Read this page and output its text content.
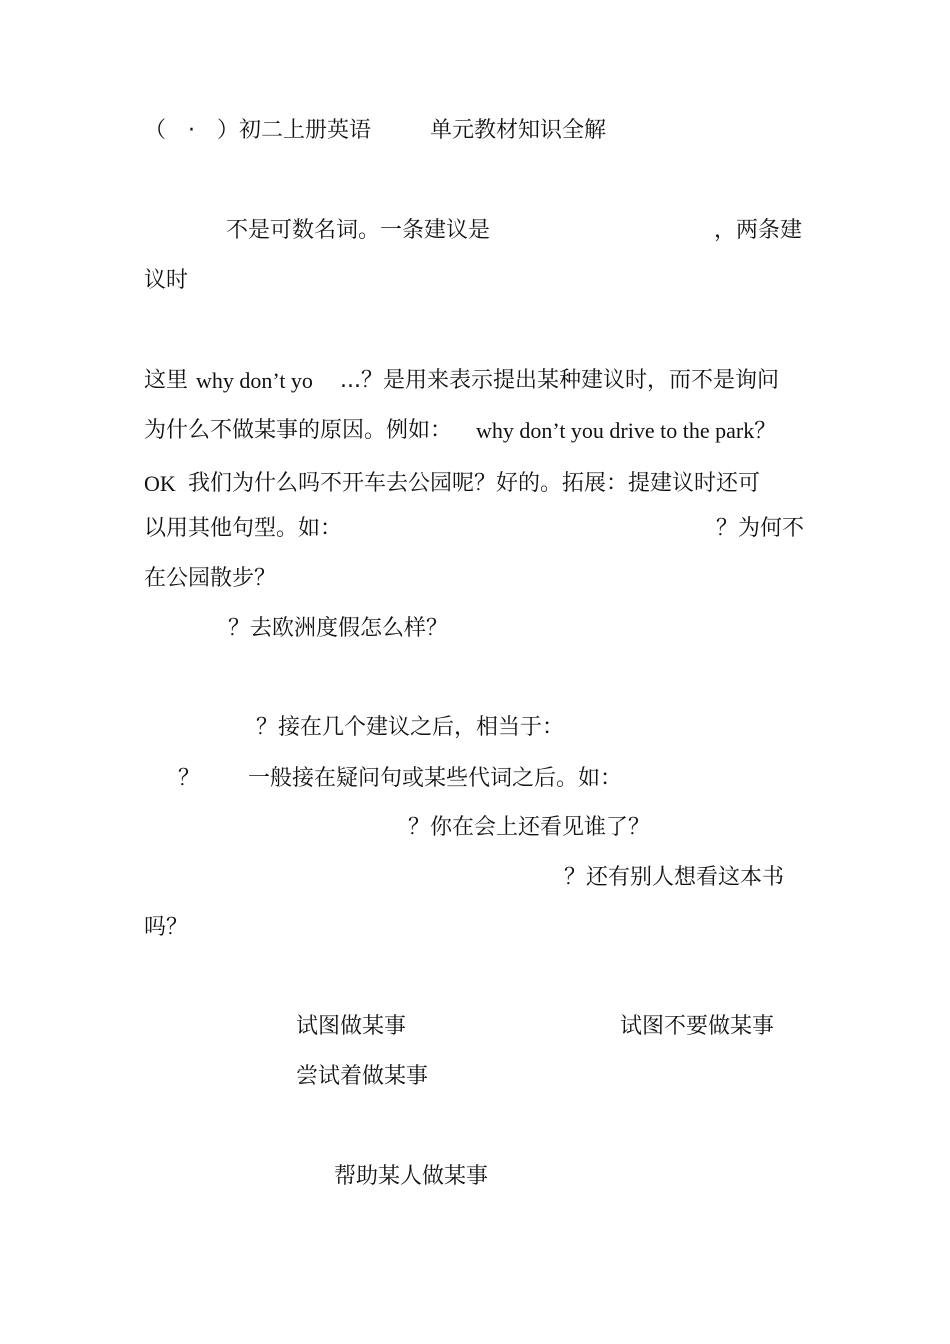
（　·　）初二上册英语	单元教材知识全解
不是可数名词。一条建议是	，两条建
议时
这里 why don’t yo ...？是用来表示提出某种建议时，而不是询问
为什么不做某事的原因。例如： why don’t you drive to the park？
OK 我们为什么吗不开车去公园呢？好的。拓展：提建议时还可
以用其他句型。如：	？为何不
在公园散步？
？去欧洲度假怎么样？
？接在几个建议之后，相当于：
？ 一般接在疑问句或某些代词之后。如：
？你在会上还看见谁了？
？还有别人想看这本书
吗？
试图做某事	试图不要做某事
尝试着做某事
帮助某人做某事
